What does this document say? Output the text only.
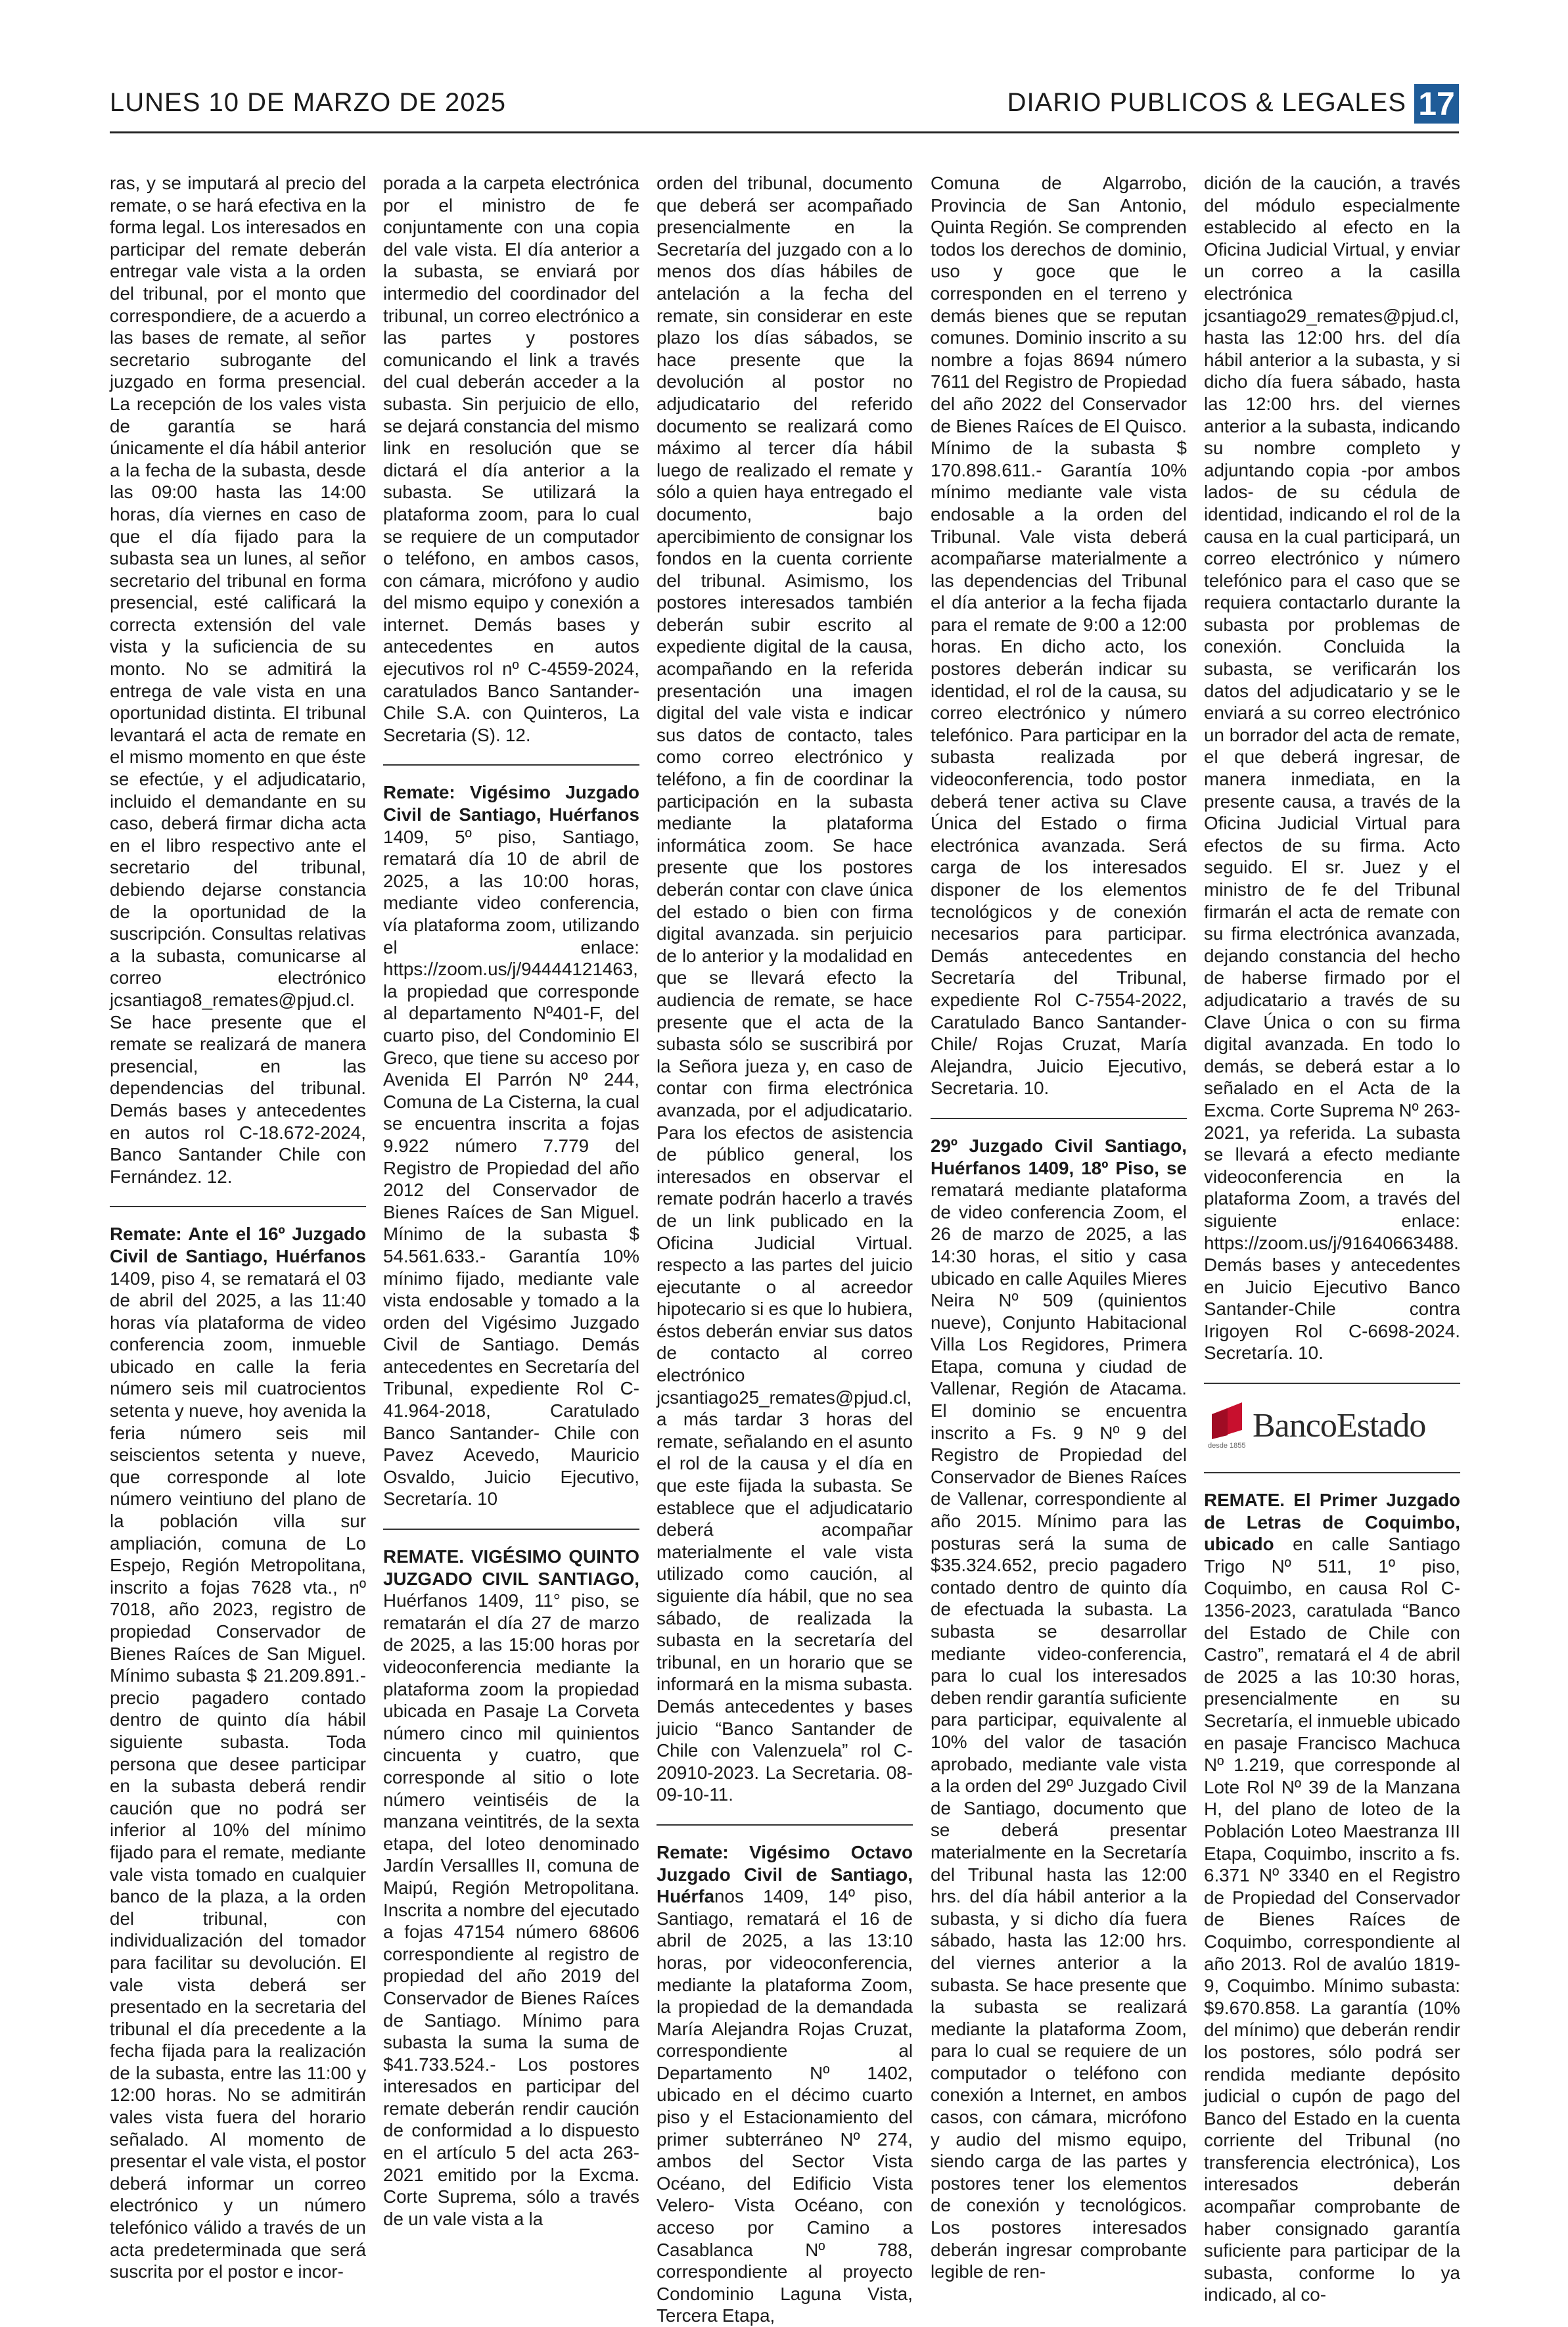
LUNES 10 DE MARZO DE 2025	DIARIO PUBLICOS & LEGALES 17

ras, y se imputará al precio del remate, o se hará efectiva en la forma legal. Los interesados en participar del remate deberán entregar vale vista a la orden del tribunal, por el monto que correspondiere, de a acuerdo a las bases de remate, al señor secretario subrogante del juzgado en forma presencial. La recepción de los vales vista de garantía se hará únicamente el día hábil anterior a la fecha de la subasta, desde las 09:00 hasta las 14:00 horas, día viernes en caso de que el día fijado para la subasta sea un lunes, al señor secretario del tribunal en forma presencial, esté calificará la correcta extensión del vale vista y la suficiencia de su monto. No se admitirá la entrega de vale vista en una oportunidad distinta. El tribunal levantará el acta de remate en el mismo momento en que éste se efectúe, y el adjudicatario, incluido el demandante en su caso, deberá firmar dicha acta en el libro respectivo ante el secretario del tribunal, debiendo dejarse constancia de la oportunidad de la suscripción. Consultas relativas a la subasta, comunicarse al correo electrónico jcsantiago8_remates@pjud.cl. Se hace presente que el remate se realizará de manera presencial, en las dependencias del tribunal. Demás bases y antecedentes en autos rol C-18.672-2024, Banco Santander Chile con Fernández. 12.

Remate: Ante el 16º Juzgado Civil de Santiago, Huérfanos 1409, piso 4, se rematará el 03 de abril del 2025, a las 11:40 horas vía plataforma de video conferencia zoom, inmueble ubicado en calle la feria número seis mil cuatrocientos setenta y nueve, hoy avenida la feria número seis mil seiscientos setenta y nueve, que corresponde al lote número veintiuno del plano de la población villa sur ampliación, comuna de Lo Espejo, Región Metropolitana, inscrito a fojas 7628 vta., nº 7018, año 2023, registro de propiedad Conservador de Bienes Raíces de San Miguel. Mínimo subasta $ 21.209.891.- precio pagadero contado dentro de quinto día hábil siguiente subasta. Toda persona que desee participar en la subasta deberá rendir caución que no podrá ser inferior al 10% del mínimo fijado para el remate, mediante vale vista tomado en cualquier banco de la plaza, a la orden del tribunal, con individualización del tomador para facilitar su devolución. El vale vista deberá ser presentado en la secretaria del tribunal el día precedente a la fecha fijada para la realización de la subasta, entre las 11:00 y 12:00 horas. No se admitirán vales vista fuera del horario señalado. Al momento de presentar el vale vista, el postor deberá informar un correo electrónico y un número telefónico válido a través de un acta predeterminada que será suscrita por el postor e incor-

porada a la carpeta electrónica por el ministro de fe conjuntamente con una copia del vale vista. El día anterior a la subasta, se enviará por intermedio del coordinador del tribunal, un correo electrónico a las partes y postores comunicando el link a través del cual deberán acceder a la subasta. Sin perjuicio de ello, se dejará constancia del mismo link en resolución que se dictará el día anterior a la subasta. Se utilizará la plataforma zoom, para lo cual se requiere de un computador o teléfono, en ambos casos, con cámara, micrófono y audio del mismo equipo y conexión a internet. Demás bases y antecedentes en autos ejecutivos rol nº C-4559-2024, caratulados Banco Santander-Chile S.A. con Quinteros, La Secretaria (S). 12.

Remate: Vigésimo Juzgado Civil de Santiago, Huérfanos 1409, 5º piso, Santiago, rematará día 10 de abril de 2025, a las 10:00 horas, mediante video conferencia, vía plataforma zoom, utilizando el enlace: https://zoom.us/j/94444121463, la propiedad que corresponde al departamento Nº401-F, del cuarto piso, del Condominio El Greco, que tiene su acceso por Avenida El Parrón Nº 244, Comuna de La Cisterna, la cual se encuentra inscrita a fojas 9.922 número 7.779 del Registro de Propiedad del año 2012 del Conservador de Bienes Raíces de San Miguel. Mínimo de la subasta $ 54.561.633.- Garantía 10% mínimo fijado, mediante vale vista endosable y tomado a la orden del Vigésimo Juzgado Civil de Santiago. Demás antecedentes en Secretaría del Tribunal, expediente Rol C-41.964-2018, Caratulado Banco Santander- Chile con Pavez Acevedo, Mauricio Osvaldo, Juicio Ejecutivo, Secretaría. 10

REMATE. VIGÉSIMO QUINTO JUZGADO CIVIL SANTIAGO, Huérfanos 1409, 11° piso, se rematarán el día 27 de marzo de 2025, a las 15:00 horas por videoconferencia mediante la plataforma zoom la propiedad ubicada en Pasaje La Corveta número cinco mil quinientos cincuenta y cuatro, que corresponde al sitio o lote número veintiséis de la manzana veintitrés, de la sexta etapa, del loteo denominado Jardín Versallles II, comuna de Maipú, Región Metropolitana. Inscrita a nombre del ejecutado a fojas 47154 número 68606 correspondiente al registro de propiedad del año 2019 del Conservador de Bienes Raíces de Santiago. Mínimo para subasta la suma la suma de $41.733.524.- Los postores interesados en participar del remate deberán rendir caución de conformidad a lo dispuesto en el artículo 5 del acta 263-2021 emitido por la Excma. Corte Suprema, sólo a través de un vale vista a la

orden del tribunal, documento que deberá ser acompañado presencialmente en la Secretaría del juzgado con a lo menos dos días hábiles de antelación a la fecha del remate, sin considerar en este plazo los días sábados, se hace presente que la devolución al postor no adjudicatario del referido documento se realizará como máximo al tercer día hábil luego de realizado el remate y sólo a quien haya entregado el documento, bajo apercibimiento de consignar los fondos en la cuenta corriente del tribunal. Asimismo, los postores interesados también deberán subir escrito al expediente digital de la causa, acompañando en la referida presentación una imagen digital del vale vista e indicar sus datos de contacto, tales como correo electrónico y teléfono, a fin de coordinar la participación en la subasta mediante la plataforma informática zoom. Se hace presente que los postores deberán contar con clave única del estado o bien con firma digital avanzada. sin perjuicio de lo anterior y la modalidad en que se llevará efecto la audiencia de remate, se hace presente que el acta de la subasta sólo se suscribirá por la Señora jueza y, en caso de contar con firma electrónica avanzada, por el adjudicatario. Para los efectos de asistencia de público general, los interesados en observar el remate podrán hacerlo a través de un link publicado en la Oficina Judicial Virtual. respecto a las partes del juicio ejecutante o al acreedor hipotecario si es que lo hubiera, éstos deberán enviar sus datos de contacto al correo electrónico jcsantiago25_remates@pjud.cl, a más tardar 3 horas del remate, señalando en el asunto el rol de la causa y el día en que este fijada la subasta. Se establece que el adjudicatario deberá acompañar materialmente el vale vista utilizado como caución, al siguiente día hábil, que no sea sábado, de realizada la subasta en la secretaría del tribunal, en un horario que se informará en la misma subasta. Demás antecedentes y bases juicio “Banco Santander de Chile con Valenzuela” rol C-20910-2023. La Secretaria. 08-09-10-11.

Remate: Vigésimo Octavo Juzgado Civil de Santiago, Huérfanos 1409, 14º piso, Santiago, rematará el 16 de abril de 2025, a las 13:10 horas, por videoconferencia, mediante la plataforma Zoom, la propiedad de la demandada María Alejandra Rojas Cruzat, correspondiente al Departamento Nº 1402, ubicado en el décimo cuarto piso y el Estacionamiento del primer subterráneo Nº 274, ambos del Sector Vista Océano, del Edificio Vista Velero- Vista Océano, con acceso por Camino a Casablanca Nº 788, correspondiente al proyecto Condominio Laguna Vista, Tercera Etapa,

Comuna de Algarrobo, Provincia de San Antonio, Quinta Región. Se comprenden todos los derechos de dominio, uso y goce que le corresponden en el terreno y demás bienes que se reputan comunes. Dominio inscrito a su nombre a fojas 8694 número 7611 del Registro de Propiedad del año 2022 del Conservador de Bienes Raíces de El Quisco. Mínimo de la subasta $ 170.898.611.- Garantía 10% mínimo mediante vale vista endosable a la orden del Tribunal. Vale vista deberá acompañarse materialmente a las dependencias del Tribunal el día anterior a la fecha fijada para el remate de 9:00 a 12:00 horas. En dicho acto, los postores deberán indicar su identidad, el rol de la causa, su correo electrónico y número telefónico. Para participar en la subasta realizada por videoconferencia, todo postor deberá tener activa su Clave Única del Estado o firma electrónica avanzada. Será carga de los interesados disponer de los elementos tecnológicos y de conexión necesarios para participar. Demás antecedentes en Secretaría del Tribunal, expediente Rol C-7554-2022, Caratulado Banco Santander-Chile/ Rojas Cruzat, María Alejandra, Juicio Ejecutivo, Secretaria. 10.

29º Juzgado Civil Santiago, Huérfanos 1409, 18º Piso, se rematará mediante plataforma de video conferencia Zoom, el 26 de marzo de 2025, a las 14:30 horas, el sitio y casa ubicado en calle Aquiles Mieres Neira Nº 509 (quinientos nueve), Conjunto Habitacional Villa Los Regidores, Primera Etapa, comuna y ciudad de Vallenar, Región de Atacama. El dominio se encuentra inscrito a Fs. 9 Nº 9 del Registro de Propiedad del Conservador de Bienes Raíces de Vallenar, correspondiente al año 2015. Mínimo para las posturas será la suma de $35.324.652, precio pagadero contado dentro de quinto día de efectuada la subasta. La subasta se desarrollar mediante video-conferencia, para lo cual los interesados deben rendir garantía suficiente para participar, equivalente al 10% del valor de tasación aprobado, mediante vale vista a la orden del 29º Juzgado Civil de Santiago, documento que se deberá presentar materialmente en la Secretaría del Tribunal hasta las 12:00 hrs. del día hábil anterior a la subasta, y si dicho día fuera sábado, hasta las 12:00 hrs. del viernes anterior a la subasta. Se hace presente que la subasta se realizará mediante la plataforma Zoom, para lo cual se requiere de un computador o teléfono con conexión a Internet, en ambos casos, con cámara, micrófono y audio del mismo equipo, siendo carga de las partes y postores tener los elementos de conexión y tecnológicos. Los postores interesados deberán ingresar comprobante legible de ren-

dición de la caución, a través del módulo especialmente establecido al efecto en la Oficina Judicial Virtual, y enviar un correo a la casilla electrónica jcsantiago29_remates@pjud.cl, hasta las 12:00 hrs. del día hábil anterior a la subasta, y si dicho día fuera sábado, hasta las 12:00 hrs. del viernes anterior a la subasta, indicando su nombre completo y adjuntando copia -por ambos lados- de su cédula de identidad, indicando el rol de la causa en la cual participará, un correo electrónico y número telefónico para el caso que se requiera contactarlo durante la subasta por problemas de conexión. Concluida la subasta, se verificarán los datos del adjudicatario y se le enviará a su correo electrónico un borrador del acta de remate, el que deberá ingresar, de manera inmediata, en la presente causa, a través de la Oficina Judicial Virtual para efectos de su firma. Acto seguido. El sr. Juez y el ministro de fe del Tribunal firmarán el acta de remate con su firma electrónica avanzada, dejando constancia del hecho de haberse firmado por el adjudicatario a través de su Clave Única o con su firma digital avanzada. En todo lo demás, se deberá estar a lo señalado en el Acta de la Excma. Corte Suprema Nº 263-2021, ya referida. La subasta se llevará a efecto mediante videoconferencia en la plataforma Zoom, a través del siguiente enlace: https://zoom.us/j/91640663488. Demás bases y antecedentes en Juicio Ejecutivo Banco Santander-Chile contra Irigoyen Rol C-6698-2024. Secretaría. 10.

BancoEstado
desde 1855

REMATE. El Primer Juzgado de Letras de Coquimbo, ubicado en calle Santiago Trigo Nº 511, 1º piso, Coquimbo, en causa Rol C-1356-2023, caratulada “Banco del Estado de Chile con Castro”, rematará el 4 de abril de 2025 a las 10:30 horas, presencialmente en su Secretaría, el inmueble ubicado en pasaje Francisco Machuca Nº 1.219, que corresponde al Lote Rol Nº 39 de la Manzana H, del plano de loteo de la Población Loteo Maestranza III Etapa, Coquimbo, inscrito a fs. 6.371 Nº 3340 en el Registro de Propiedad del Conservador de Bienes Raíces de Coquimbo, correspondiente al año 2013. Rol de avalúo 1819-9, Coquimbo. Mínimo subasta: $9.670.858. La garantía (10% del mínimo) que deberán rendir los postores, sólo podrá ser rendida mediante depósito judicial o cupón de pago del Banco del Estado en la cuenta corriente del Tribunal (no transferencia electrónica), Los interesados deberán acompañar comprobante de haber consignado garantía suficiente para participar de la subasta, conforme lo ya indicado, al co-
